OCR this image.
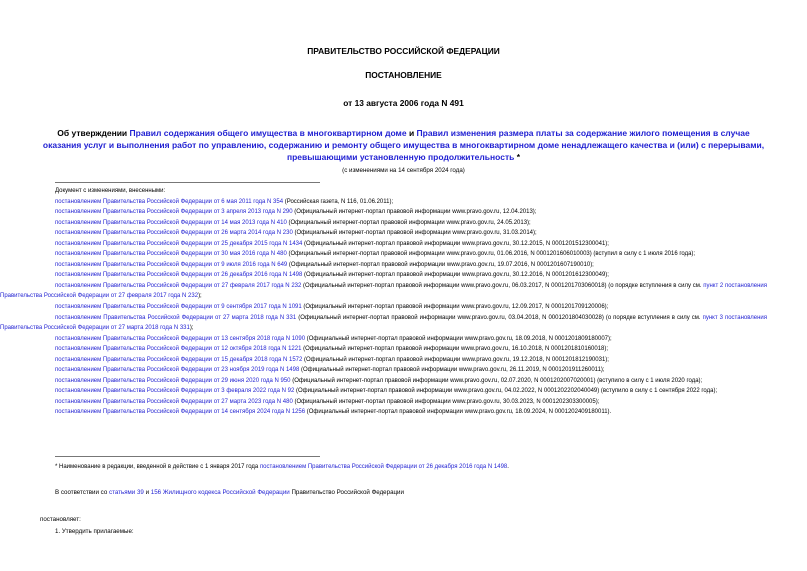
ПРАВИТЕЛЬСТВО РОССИЙСКОЙ ФЕДЕРАЦИИ
ПОСТАНОВЛЕНИЕ
от 13 августа 2006 года N 491
Об утверждении Правил содержания общего имущества в многоквартирном доме и Правил изменения размера платы за содержание жилого помещения в случае оказания услуг и выполнения работ по управлению, содержанию и ремонту общего имущества в многоквартирном доме ненадлежащего качества и (или) с перерывами, превышающими установленную продолжительность *
(с изменениями на 14 сентября 2024 года)
Документ с изменениями, внесенными:
постановлением Правительства Российской Федерации от 6 мая 2011 года N 354 (Российская газета, N 116, 01.06.2011);
постановлением Правительства Российской Федерации от 3 апреля 2013 года N 290 (Официальный интернет-портал правовой информации www.pravo.gov.ru, 12.04.2013);
постановлением Правительства Российской Федерации от 14 мая 2013 года N 410 (Официальный интернет-портал правовой информации www.pravo.gov.ru, 24.05.2013);
постановлением Правительства Российской Федерации от 26 марта 2014 года N 230 (Официальный интернет-портал правовой информации www.pravo.gov.ru, 31.03.2014);
постановлением Правительства Российской Федерации от 25 декабря 2015 года N 1434 (Официальный интернет-портал правовой информации www.pravo.gov.ru, 30.12.2015, N 0001201512300041);
постановлением Правительства Российской Федерации от 30 мая 2016 года N 480 (Официальный интернет-портал правовой информации www.pravo.gov.ru, 01.06.2016, N 0001201606010003) (вступил в силу с 1 июля 2016 года);
постановлением Правительства Российской Федерации от 9 июля 2016 года N 649 (Официальный интернет-портал правовой информации www.pravo.gov.ru, 19.07.2016, N 0001201607190010);
постановлением Правительства Российской Федерации от 26 декабря 2016 года N 1498 (Официальный интернет-портал правовой информации www.pravo.gov.ru, 30.12.2016, N 0001201612300049);
постановлением Правительства Российской Федерации от 27 февраля 2017 года N 232 (Официальный интернет-портал правовой информации www.pravo.gov.ru, 06.03.2017, N 0001201703060018) (о порядке вступления в силу см. пункт 2 постановления Правительства Российской Федерации от 27 февраля 2017 года N 232);
постановлением Правительства Российской Федерации от 9 сентября 2017 года N 1091 (Официальный интернет-портал правовой информации www.pravo.gov.ru, 12.09.2017, N 0001201709120006);
постановлением Правительства Российской Федерации от 27 марта 2018 года N 331 (Официальный интернет-портал правовой информации www.pravo.gov.ru, 03.04.2018, N 0001201804030028) (о порядке вступления в силу см. пункт 3 постановления Правительства Российской Федерации от 27 марта 2018 года N 331);
постановлением Правительства Российской Федерации от 13 сентября 2018 года N 1090 (Официальный интернет-портал правовой информации www.pravo.gov.ru, 18.09.2018, N 0001201809180007);
постановлением Правительства Российской Федерации от 12 октября 2018 года N 1221 (Официальный интернет-портал правовой информации www.pravo.gov.ru, 16.10.2018, N 0001201810160018);
постановлением Правительства Российской Федерации от 15 декабря 2018 года N 1572 (Официальный интернет-портал правовой информации www.pravo.gov.ru, 19.12.2018, N 0001201812190031);
постановлением Правительства Российской Федерации от 23 ноября 2019 года N 1498 (Официальный интернет-портал правовой информации www.pravo.gov.ru, 26.11.2019, N 0001201911260011);
постановлением Правительства Российской Федерации от 29 июня 2020 года N 950 (Официальный интернет-портал правовой информации www.pravo.gov.ru, 02.07.2020, N 0001202007020001) (вступило в силу с 1 июля 2020 года);
постановлением Правительства Российской Федерации от 3 февраля 2022 года N 92 (Официальный интернет-портал правовой информации www.pravo.gov.ru, 04.02.2022, N 0001202202040049) (вступило в силу с 1 сентября 2022 года);
постановлением Правительства Российской Федерации от 27 марта 2023 года N 480 (Официальный интернет-портал правовой информации www.pravo.gov.ru, 30.03.2023, N 0001202303300005);
постановлением Правительства Российской Федерации от 14 сентября 2024 года N 1256 (Официальный интернет-портал правовой информации www.pravo.gov.ru, 18.09.2024, N 0001202409180011).
* Наименование в редакции, введенной в действие с 1 января 2017 года постановлением Правительства Российской Федерации от 26 декабря 2016 года N 1498.
В соответствии со статьями 39 и 156 Жилищного кодекса Российской Федерации Правительство Российской Федерации
постановляет:
1. Утвердить прилагаемые:
